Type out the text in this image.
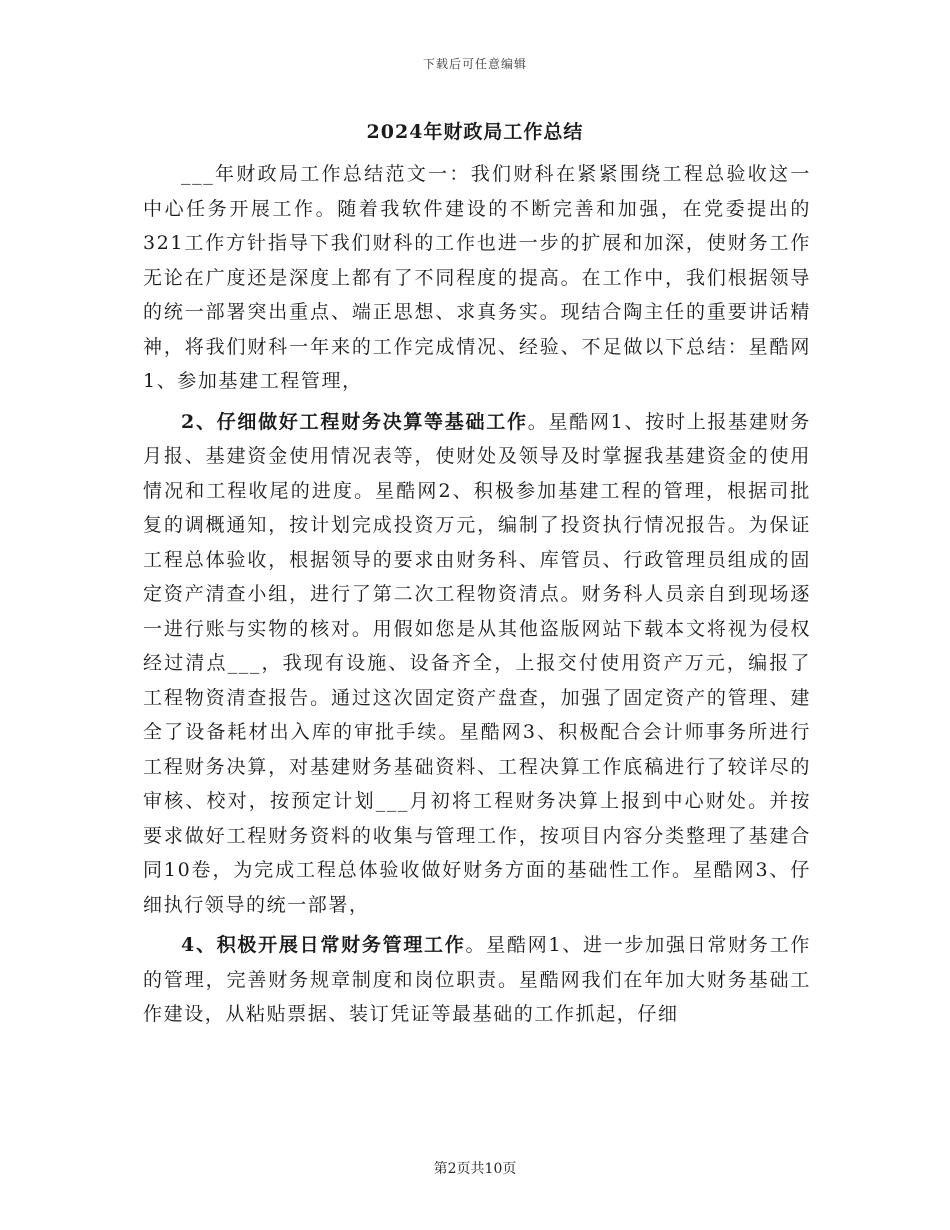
下载后可任意编辑
2024年财政局工作总结

___年财政局工作总结范文一：我们财科在紧紧围绕工程总验收这一中心任务开展工作。随着我软件建设的不断完善和加强，在党委提出的321工作方针指导下我们财科的工作也进一步的扩展和加深，使财务工作无论在广度还是深度上都有了不同程度的提高。在工作中，我们根据领导的统一部署突出重点、端正思想、求真务实。现结合陶主任的重要讲话精神，将我们财科一年来的工作完成情况、经验、不足做以下总结：星酷网1、参加基建工程管理，

2、仔细做好工程财务决算等基础工作。星酷网1、按时上报基建财务月报、基建资金使用情况表等，使财处及领导及时掌握我基建资金的使用情况和工程收尾的进度。星酷网2、积极参加基建工程的管理，根据司批复的调概通知，按计划完成投资万元，编制了投资执行情况报告。为保证工程总体验收，根据领导的要求由财务科、库管员、行政管理员组成的固定资产清查小组，进行了第二次工程物资清点。财务科人员亲自到现场逐一进行账与实物的核对。用假如您是从其他盗版网站下载本文将视为侵权经过清点___，我现有设施、设备齐全，上报交付使用资产万元，编报了工程物资清查报告。通过这次固定资产盘查，加强了固定资产的管理、建全了设备耗材出入库的审批手续。星酷网3、积极配合会计师事务所进行工程财务决算，对基建财务基础资料、工程决算工作底稿进行了较详尽的审核、校对，按预定计划___月初将工程财务决算上报到中心财处。并按要求做好工程财务资料的收集与管理工作，按项目内容分类整理了基建合同10卷，为完成工程总体验收做好财务方面的基础性工作。星酷网3、仔细执行领导的统一部署，

4、积极开展日常财务管理工作。星酷网1、进一步加强日常财务工作的管理，完善财务规章制度和岗位职责。星酷网我们在年加大财务基础工作建设，从粘贴票据、装订凭证等最基础的工作抓起，仔细

第2页共10页
